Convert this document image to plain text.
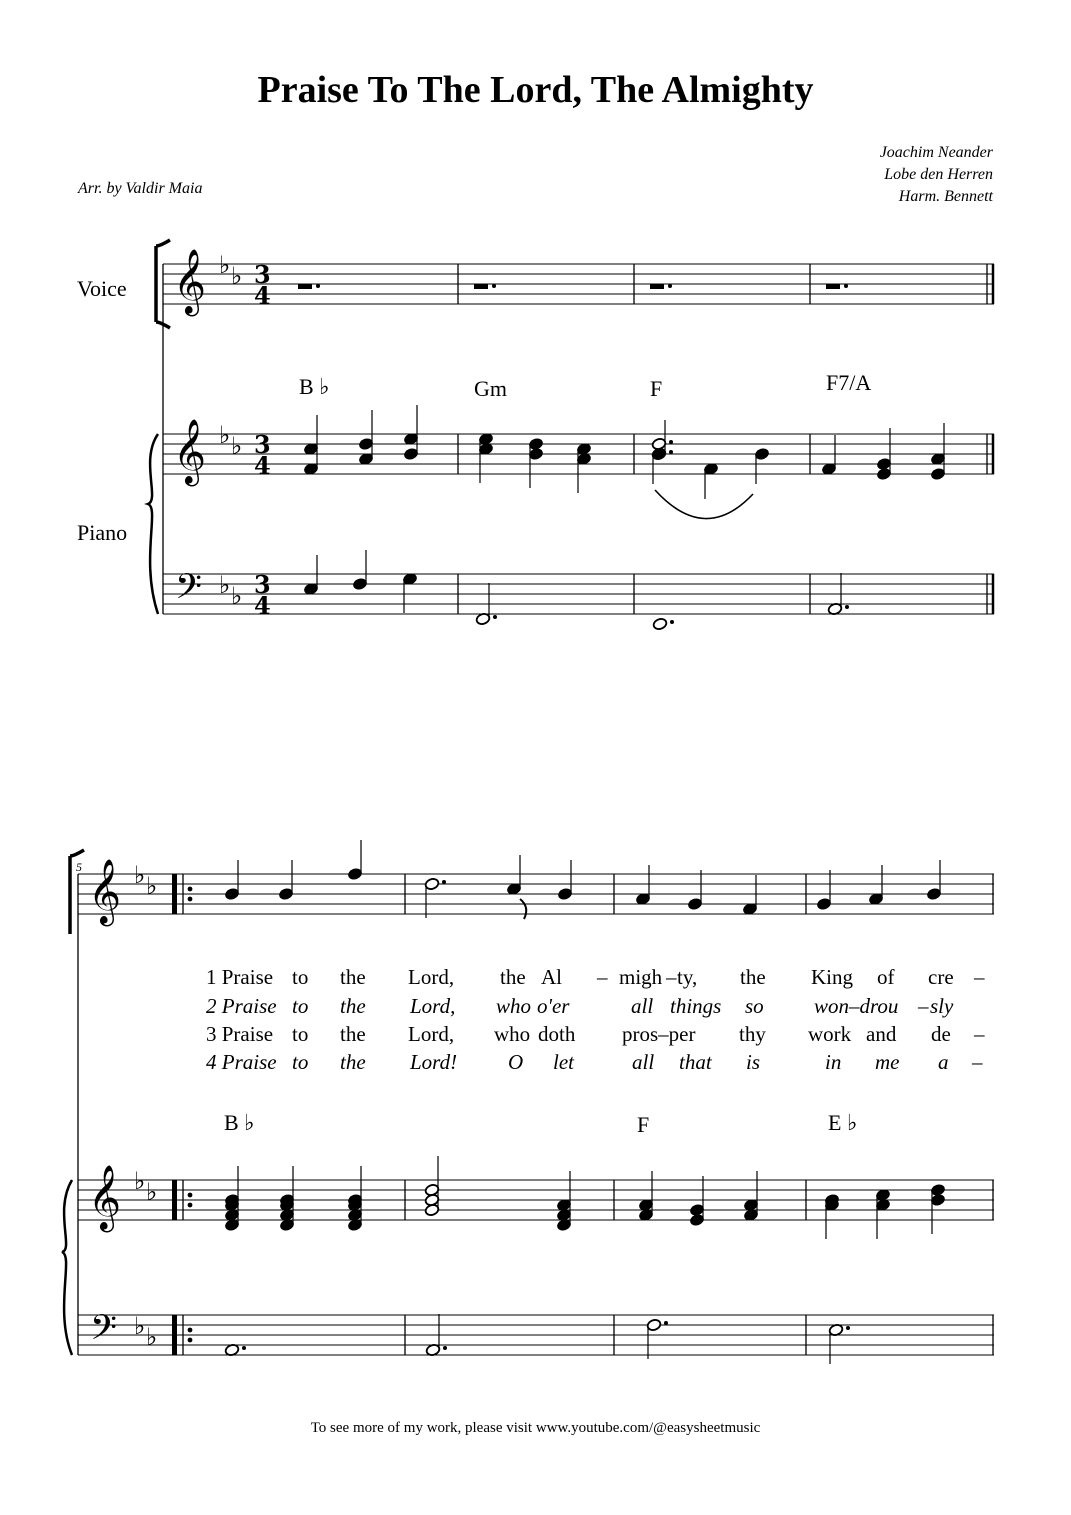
Praise To The Lord, The Almighty
Joachim Neander
Lobe den Herren
Harm. Bennett
Arr. by Valdir Maia
Voice
Piano
B ♭	Gm	F	F7/A
5
1 Praise to the Lord, the Al – migh – ty, the King of cre –
2 Praise to the Lord, who o'er	all things so won–drou – sly
3 Praise to the Lord, who doth pros–per thy work and de –
4 Praise to the Lord! O let	all that is	in me a –
B ♭	F	E ♭
𝄞
𝄞
𝄢
♭ ♭
♭ ♭
♭ ♭
3
4
3
4
3
4
𝄞
𝄞
𝄢
♭ ♭
♭ ♭
♭ ♭
To see more of my work, please visit www.youtube.com/@easysheetmusic
